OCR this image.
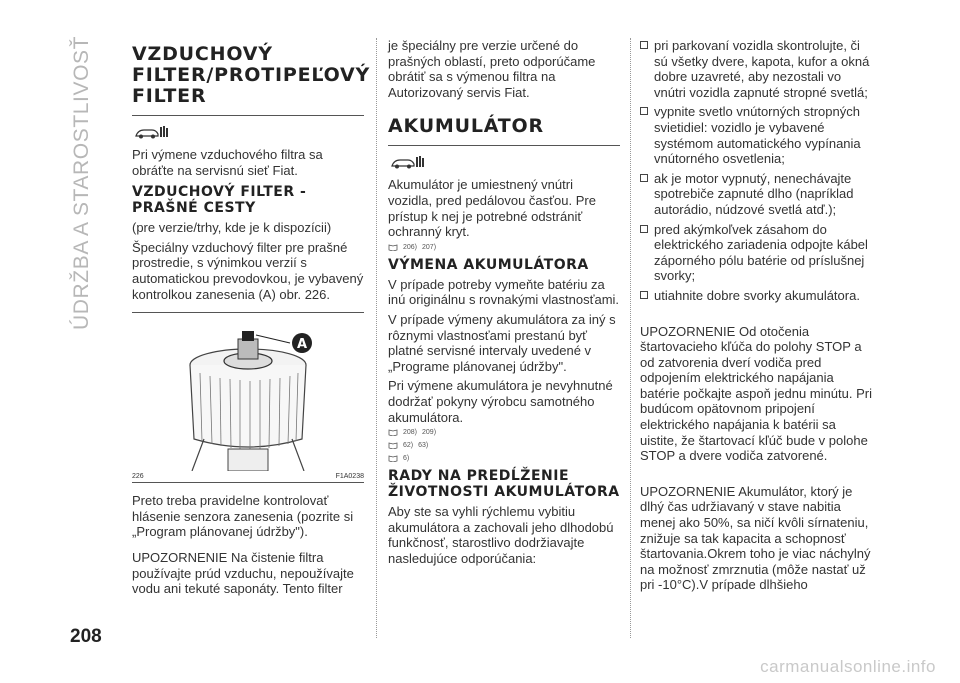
ÚDRŽBA A STAROSTLIVOSŤ
208
carmanualsonline.info
VZDUCHOVÝ FILTER/PROTIPEĽOVÝ FILTER

Pri výmene vzduchového filtra sa obráťte na servisnú sieť Fiat.

VZDUCHOVÝ FILTER - PRAŠNÉ CESTY

(pre verzie/trhy, kde je k dispozícii)

Špeciálny vzduchový filter pre prašné prostredie, s výnimkou verzií s automatickou prevodovkou, je vybavený kontrolkou zanesenia (A) obr. 226.

A
226	F1A0238

Preto treba pravidelne kontrolovať hlásenie senzora zanesenia (pozrite si „Program plánovanej údržby").

UPOZORNENIE Na čistenie filtra používajte prúd vzduchu, nepoužívajte vodu ani tekuté saponáty. Tento filter

je špeciálny pre verzie určené do prašných oblastí, preto odporúčame obrátiť sa s výmenou filtra na Autorizovaný servis Fiat.

AKUMULÁTOR

Akumulátor je umiestnený vnútri vozidla, pred pedálovou časťou. Pre prístup k nej je potrebné odstrániť ochranný kryt.

206) 207)
VÝMENA AKUMULÁTORA

V prípade potreby vymeňte batériu za inú originálnu s rovnakými vlastnosťami.

V prípade výmeny akumulátora za iný s rôznymi vlastnosťami prestanú byť platné servisné intervaly uvedené v „Programe plánovanej údržby".

Pri výmene akumulátora je nevyhnutné dodržať pokyny výrobcu samotného akumulátora.

208) 209)
62) 63)
6)
RADY NA PREDĹŽENIE ŽIVOTNOSTI AKUMULÁTORA

Aby ste sa vyhli rýchlemu vybitiu akumulátora a zachovali jeho dlhodobú funkčnosť, starostlivo dodržiavajte nasledujúce odporúčania:

pri parkovaní vozidla skontrolujte, či sú všetky dvere, kapota, kufor a okná dobre uzavreté, aby nezostali vo vnútri vozidla zapnuté stropné svetlá;

vypnite svetlo vnútorných stropných svietidiel: vozidlo je vybavené systémom automatického vypínania vnútorného osvetlenia;

ak je motor vypnutý, nenechávajte spotrebiče zapnuté dlho (napríklad autorádio, núdzové svetlá atď.);

pred akýmkoľvek zásahom do elektrického zariadenia odpojte kábel záporného pólu batérie od príslušnej svorky;

utiahnite dobre svorky akumulátora.

UPOZORNENIE Od otočenia štartovacieho kľúča do polohy STOP a od zatvorenia dverí vodiča pred odpojením elektrického napájania batérie počkajte aspoň jednu minútu. Pri budúcom opätovnom pripojení elektrického napájania k batérii sa uistite, že štartovací kľúč bude v polohe STOP a dvere vodiča zatvorené.

UPOZORNENIE Akumulátor, ktorý je dlhý čas udržiavaný v stave nabitia menej ako 50%, sa ničí kvôli sírnateniu, znižuje sa tak kapacita a schopnosť štartovania.Okrem toho je viac náchylný na možnosť zmrznutia (môže nastať už pri -10°C).V prípade dlhšieho
